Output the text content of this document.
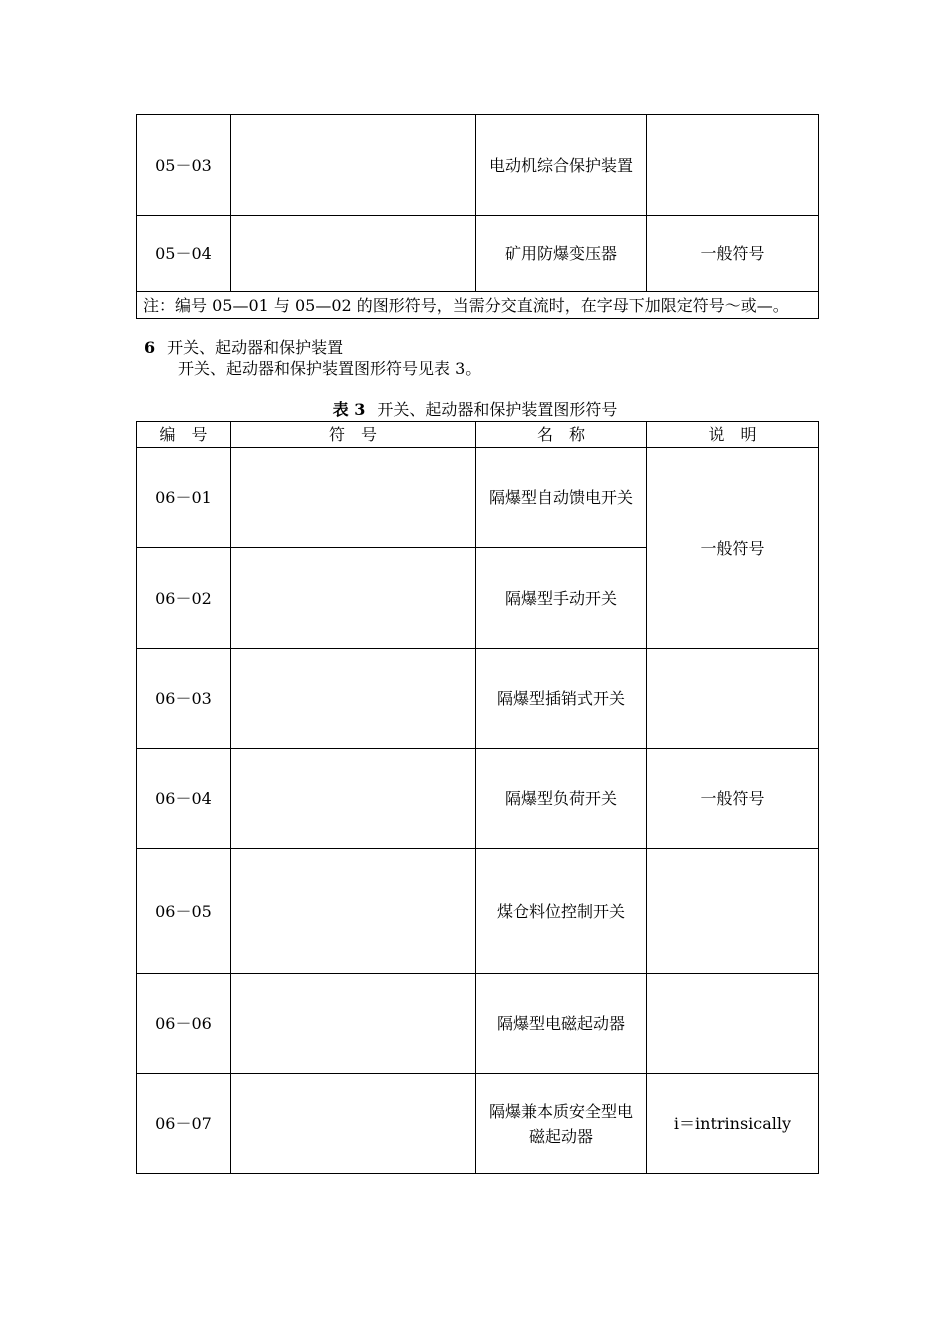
05－03		电动机综合保护装置	
05－04		矿用防爆变压器	一般符号
注：编号 05—01 与 05—02 的图形符号，当需分交直流时，在字母下加限定符号～或—。			
6 开关、起动器和保护装置
开关、起动器和保护装置图形符号见表 3。
表 3 开关、起动器和保护装置图形符号
编　号	符　号	名　称	说　明
06－01		隔爆型自动馈电开关	一般符号
06－02		隔爆型手动开关	
06－03		隔爆型插销式开关	
06－04		隔爆型负荷开关	一般符号
06－05		煤仓料位控制开关	
06－06		隔爆型电磁起动器	
06－07		隔爆兼本质安全型电磁起动器	i＝intrinsically
